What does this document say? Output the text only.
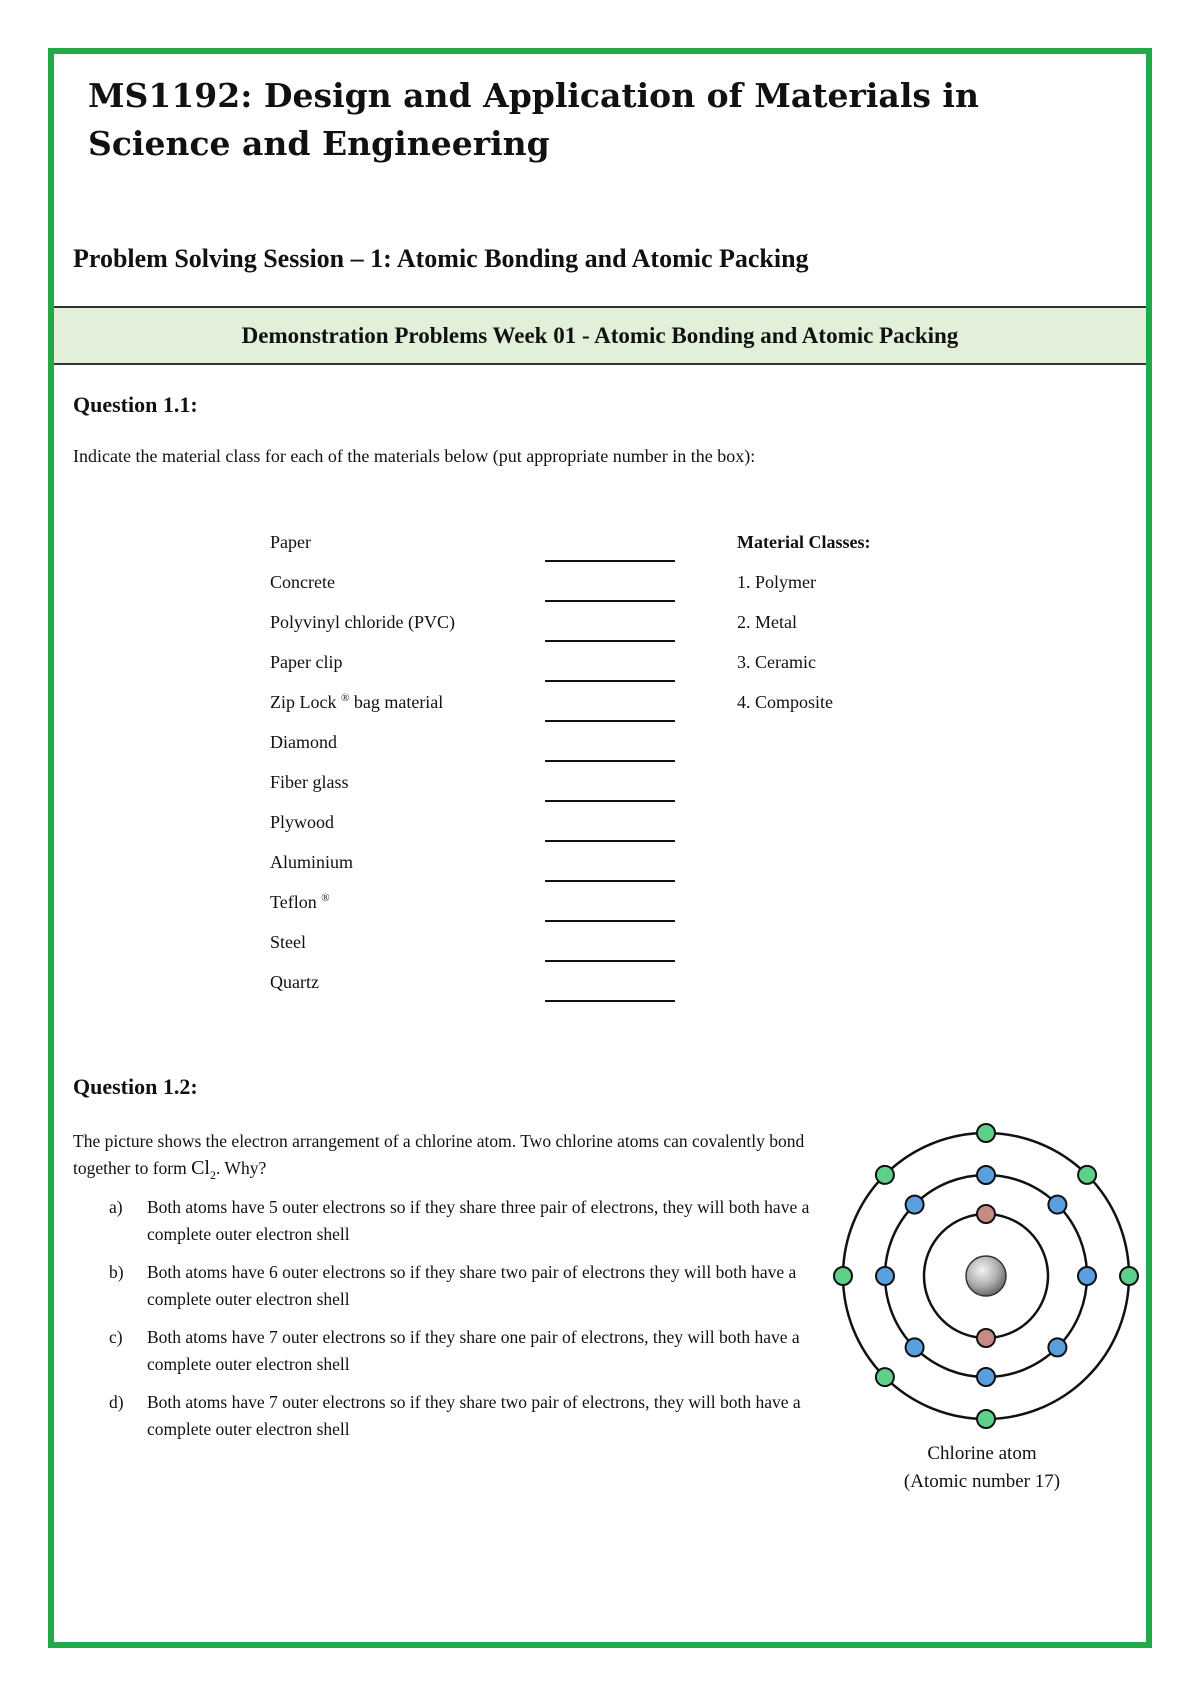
MS1192: Design and Application of Materials in Science and Engineering
Problem Solving Session – 1: Atomic Bonding and Atomic Packing
Demonstration Problems Week 01 - Atomic Bonding and Atomic Packing
Question 1.1:

Indicate the material class for each of the materials below (put appropriate number in the box):

Paper
Concrete
Polyvinyl chloride (PVC)
Paper clip
Zip Lock ® bag material
Diamond
Fiber glass
Plywood
Aluminium
Teflon ®
Steel
Quartz
Material Classes:
1. Polymer
2. Metal
3. Ceramic
4. Composite
Question 1.2:

The picture shows the electron arrangement of a chlorine atom. Two chlorine atoms can covalently bond together to form $Cl_2$. Why?

a) Both atoms have 5 outer electrons so if they share three pair of electrons, they will both have a complete outer electron shell
b) Both atoms have 6 outer electrons so if they share two pair of electrons they will both have a complete outer electron shell
c) Both atoms have 7 outer electrons so if they share one pair of electrons, they will both have a complete outer electron shell
d) Both atoms have 7 outer electrons so if they share two pair of electrons, they will both have a complete outer electron shell
Chlorine atom
(Atomic number 17)
